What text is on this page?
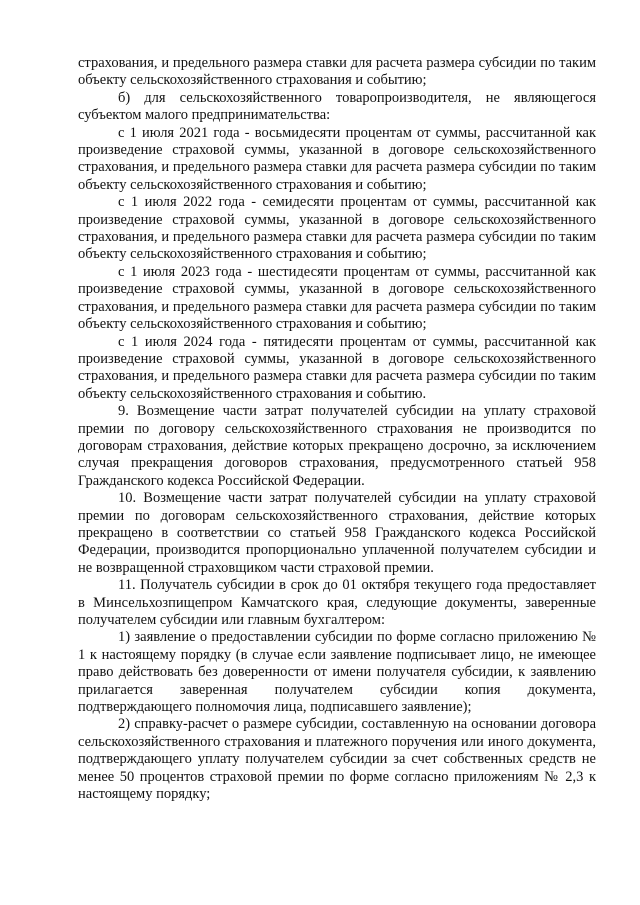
страхования, и предельного размера ставки для расчета размера субсидии по таким объекту сельскохозяйственного страхования и событию;

б) для сельскохозяйственного товаропроизводителя, не являющегося субъектом малого предпринимательства:

с 1 июля 2021 года - восьмидесяти процентам от суммы, рассчитанной как произведение страховой суммы, указанной в договоре сельскохозяйственного страхования, и предельного размера ставки для расчета размера субсидии по таким объекту сельскохозяйственного страхования и событию;

с 1 июля 2022 года - семидесяти процентам от суммы, рассчитанной как произведение страховой суммы, указанной в договоре сельскохозяйственного страхования, и предельного размера ставки для расчета размера субсидии по таким объекту сельскохозяйственного страхования и событию;

с 1 июля 2023 года - шестидесяти процентам от суммы, рассчитанной как произведение страховой суммы, указанной в договоре сельскохозяйственного страхования, и предельного размера ставки для расчета размера субсидии по таким объекту сельскохозяйственного страхования и событию;

с 1 июля 2024 года - пятидесяти процентам от суммы, рассчитанной как произведение страховой суммы, указанной в договоре сельскохозяйственного страхования, и предельного размера ставки для расчета размера субсидии по таким объекту сельскохозяйственного страхования и событию.

9. Возмещение части затрат получателей субсидии на уплату страховой премии по договору сельскохозяйственного страхования не производится по договорам страхования, действие которых прекращено досрочно, за исключением случая прекращения договоров страхования, предусмотренного статьей 958 Гражданского кодекса Российской Федерации.

10. Возмещение части затрат получателей субсидии на уплату страховой премии по договорам сельскохозяйственного страхования, действие которых прекращено в соответствии со статьей 958 Гражданского кодекса Российской Федерации, производится пропорционально уплаченной получателем субсидии и не возвращенной страховщиком части страховой премии.

11. Получатель субсидии в срок до 01 октября текущего года предоставляет в Минсельхозпищепром Камчатского края, следующие документы, заверенные получателем субсидии или главным бухгалтером:

1) заявление о предоставлении субсидии по форме согласно приложению № 1 к настоящему порядку (в случае если заявление подписывает лицо, не имеющее право действовать без доверенности от имени получателя субсидии, к заявлению прилагается заверенная получателем субсидии копия документа, подтверждающего полномочия лица, подписавшего заявление);

2) справку-расчет о размере субсидии, составленную на основании договора сельскохозяйственного страхования и платежного поручения или иного документа, подтверждающего уплату получателем субсидии за счет собственных средств не менее 50 процентов страховой премии по форме согласно приложениям № 2,3 к настоящему порядку;
